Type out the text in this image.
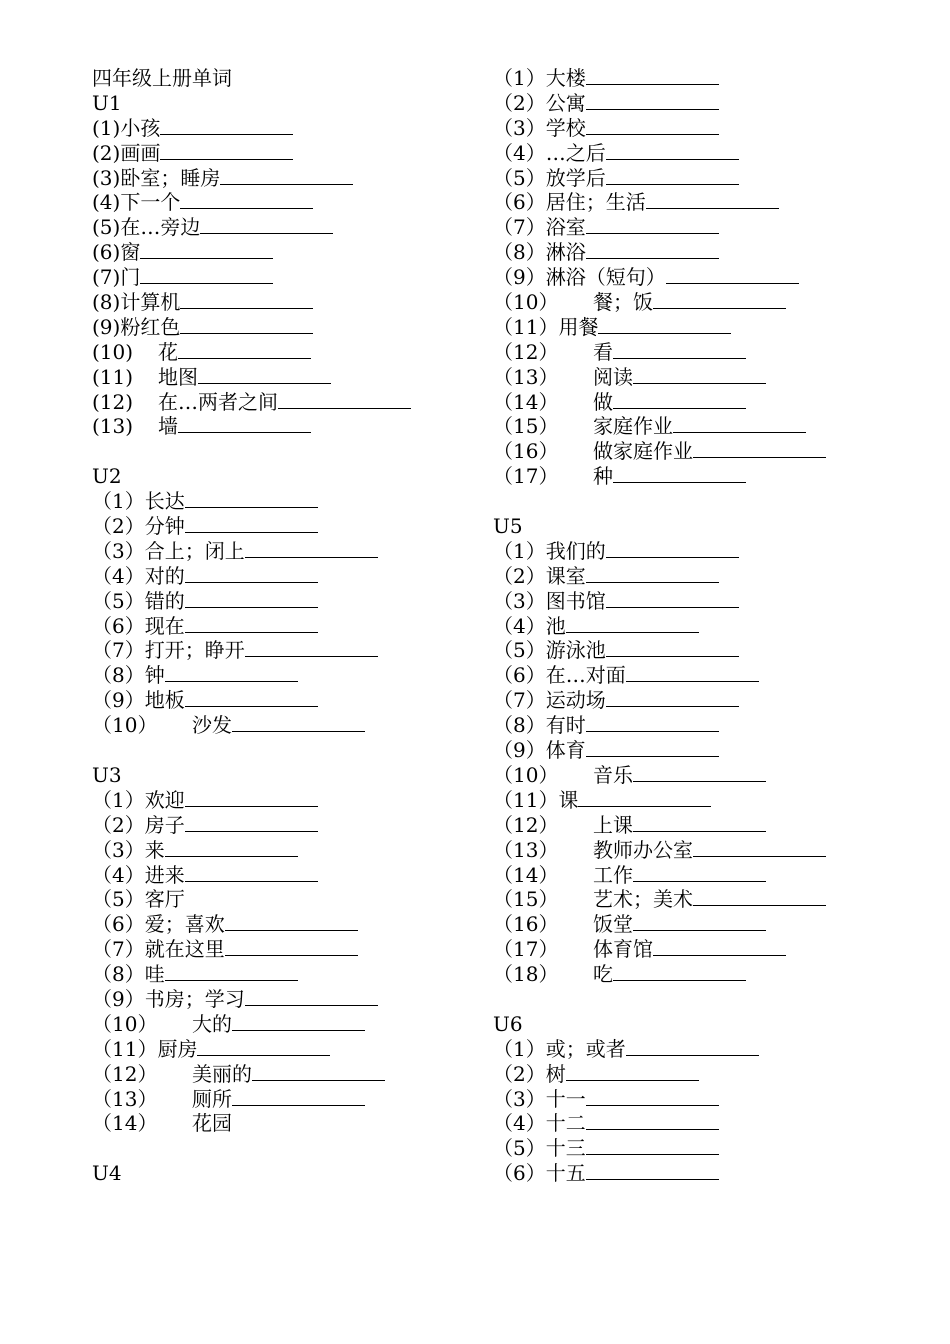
四年级上册单词
U1
(1)小孩
(2)画画
(3)卧室；睡房
(4)下一个
(5)在…旁边
(6)窗
(7)门
(8)计算机
(9)粉红色
(10) 花
(11) 地图
(12) 在…两者之间
(13) 墙
U2
（1）长达
（2）分钟
（3）合上；闭上
（4）对的
（5）错的
（6）现在
（7）打开；睁开
（8）钟
（9）地板
（10） 沙发
U3
（1）欢迎
（2）房子
（3）来
（4）进来
（5）客厅
（6）爱；喜欢
（7）就在这里
（8）哇
（9）书房；学习
（10） 大的
（11）厨房
（12） 美丽的
（13） 厕所
（14） 花园
U4
（1）大楼
（2）公寓
（3）学校
（4）…之后
（5）放学后
（6）居住；生活
（7）浴室
（8）淋浴
（9）淋浴（短句）
（10） 餐；饭
（11）用餐
（12） 看
（13） 阅读
（14） 做
（15） 家庭作业
（16） 做家庭作业
（17） 种
U5
（1）我们的
（2）课室
（3）图书馆
（4）池
（5）游泳池
（6）在…对面
（7）运动场
（8）有时
（9）体育
（10） 音乐
（11）课
（12） 上课
（13） 教师办公室
（14） 工作
（15） 艺术；美术
（16） 饭堂
（17） 体育馆
（18） 吃
U6
（1）或；或者
（2）树
（3）十一
（4）十二
（5）十三
（6）十五
